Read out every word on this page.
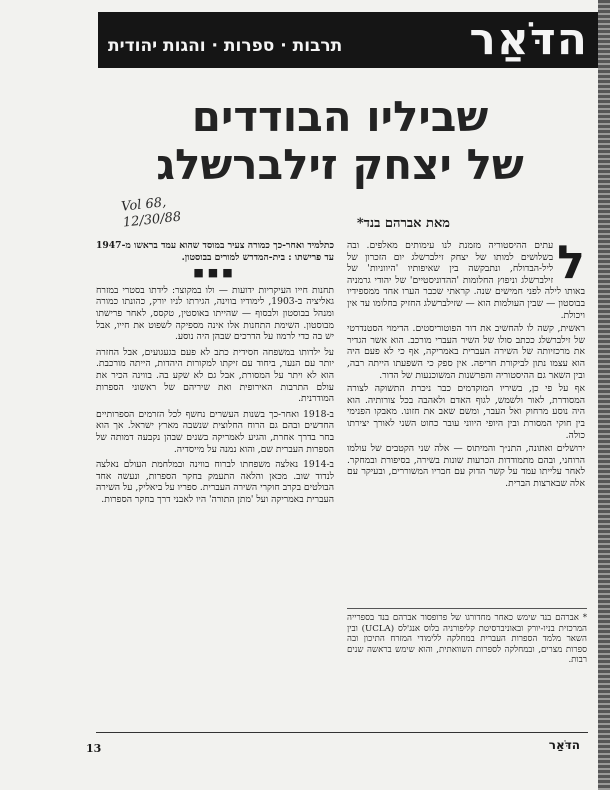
הדֹּאַר
תרבות · ספרות · והגות יהודית
שביליו הבודדים
של יצחק זילברשלג
Vol 68,
12/30/88	מאת אברהם בנד*
ל

עתים ההיסטוריה מזמנת לנו עימותים מאלפים. ובה בשלושים למותו של יצחק זילברשלג יום הזכרון של ליל-הבדולח, ונתבקשה בין שאיפותיו 'היווניות' של זילברשלג וניפוץ החלומות 'ההדוניסטיים' של יהודי גרמניה באותו לילה לפני חמישים שנה. קראתי שכבר הערו אחד ממספידיו בבוסטון — שבין העולמות הוא — שזילברשלג החזיק בחלומו עד אין ויכולת.

ראשית, קשה לו להחשיב את דור הפוטוריסטים. הדימוי הסטנדרטי של זילברשלג ככתב סולו של השיר העברי מורכב. הוא אשר הגדיר את מרכזיותה של השירה העברית באמריקה, אף כי לא פעם היה הוא עצמו נתון לביקורת חריפה. אין ספק כי השפעתו הייתה רבה, ובין השאר גם ההיסטוריה והפרשנות המשוכנעות של הדור.

אף על פי כן, בשיריו המוקדמים כבר ניכרת התשוקה לצורה המסודרת, לאור ולשמש, לגוף האדם ולאהבה בכל צורותיה. הוא היה נוסע מרחוק ואל העבר, ומשם שאב את חזונו. מאבקו הפנימי בין חוקי המסורת ובין היופי היווני עובר כחוט השני לאורך יצירתו כולה.

ירושלים ואתונה, התנ״ך והמיתוס — אלה שני הקטבים של עולמו הרוחני, ובהם מתמודדות הכרעות שונות בשירה, בסיפורת ובמחקר. לאחר עלייתו עמד על קשר הדוק עם חבריו המשוררים, ובעיקר עם אלה שבארצות הברית.

כתלמיד ואחר-כך כמורה צעיר במוסד שהוא עמד בראשו מ-1947 עד פרישתו : בית-המדרש למורים בבוסטון.

■■■

תחנות חייו העיקריות ידועות — ולו במקוצר: לידתו בסטרי במזרח גאליציה ב-1903, לימודיו בווינה, הגירתו לניו יורק, כהונתו כמורה ומנהל בבוסטון ולבסוף — שהייתו באוסטין, טקסס, לאחר פרישתו מבוסטון. השימת התחנות אלו אינה מספיקה לשפוט את חייו, אבל יש בה כדי לרמוז על הדרכים שבהן היה נוסע.

על ילדותו במשפחה חסידית כתב לא פעם בגעגועים, אבל החזרה יותר עם הנער, ביחוד עם זיקתו למקורות היהדות, הייתה מורכבת. הוא לא ויתר על המסורת, אבל גם לא שקע בה. בווינה הכיר את עולם התרבות האירופית ואת שיריהם של ראשוני הספרות המודרנית.

ב-1918 ואחר-כך בשנות העשרים נחשף לכל הזרמים הספרותיים החדשים ובהם גם הרוח החלוצית שנשבה מארץ ישראל. אך הוא בחר בדרך אחרת, והגיע לאמריקה בשנים שבהן נקבעה דמותה של הספרות העברית שם, והוא נמנה על מייסדיה.

ב-1914 נאלצה משפחתו לברוח בווינה ובמלחמת העולם נאלצה לנדוד שוב. מכאן והלאה התעמק בחקר הספרות, ונעשה אחד הבולטים בקרב חוקרי השירה העברית. ספריו על ביאליק, על השירה העברית באמריקה ועל 'מתן התורה' היו לאבני דרך בחקר הספרות.

* אברהם בנד שימש כאחר מחדורגו של פרופסור אברהם בנד בספרייה המרכזית בניו-יורק ובאוניברסיטת קליפורניה בלוס אנג'לס (UCLA) ובין השאר מלמד הספרות העברית במחלקה ללימודי המזרח התיכון ובה ספרות מצרים, ובמחלקה לספרות השוואתית, והוא שימש בראשה שנים רבות.
13	הדֹּאַר
